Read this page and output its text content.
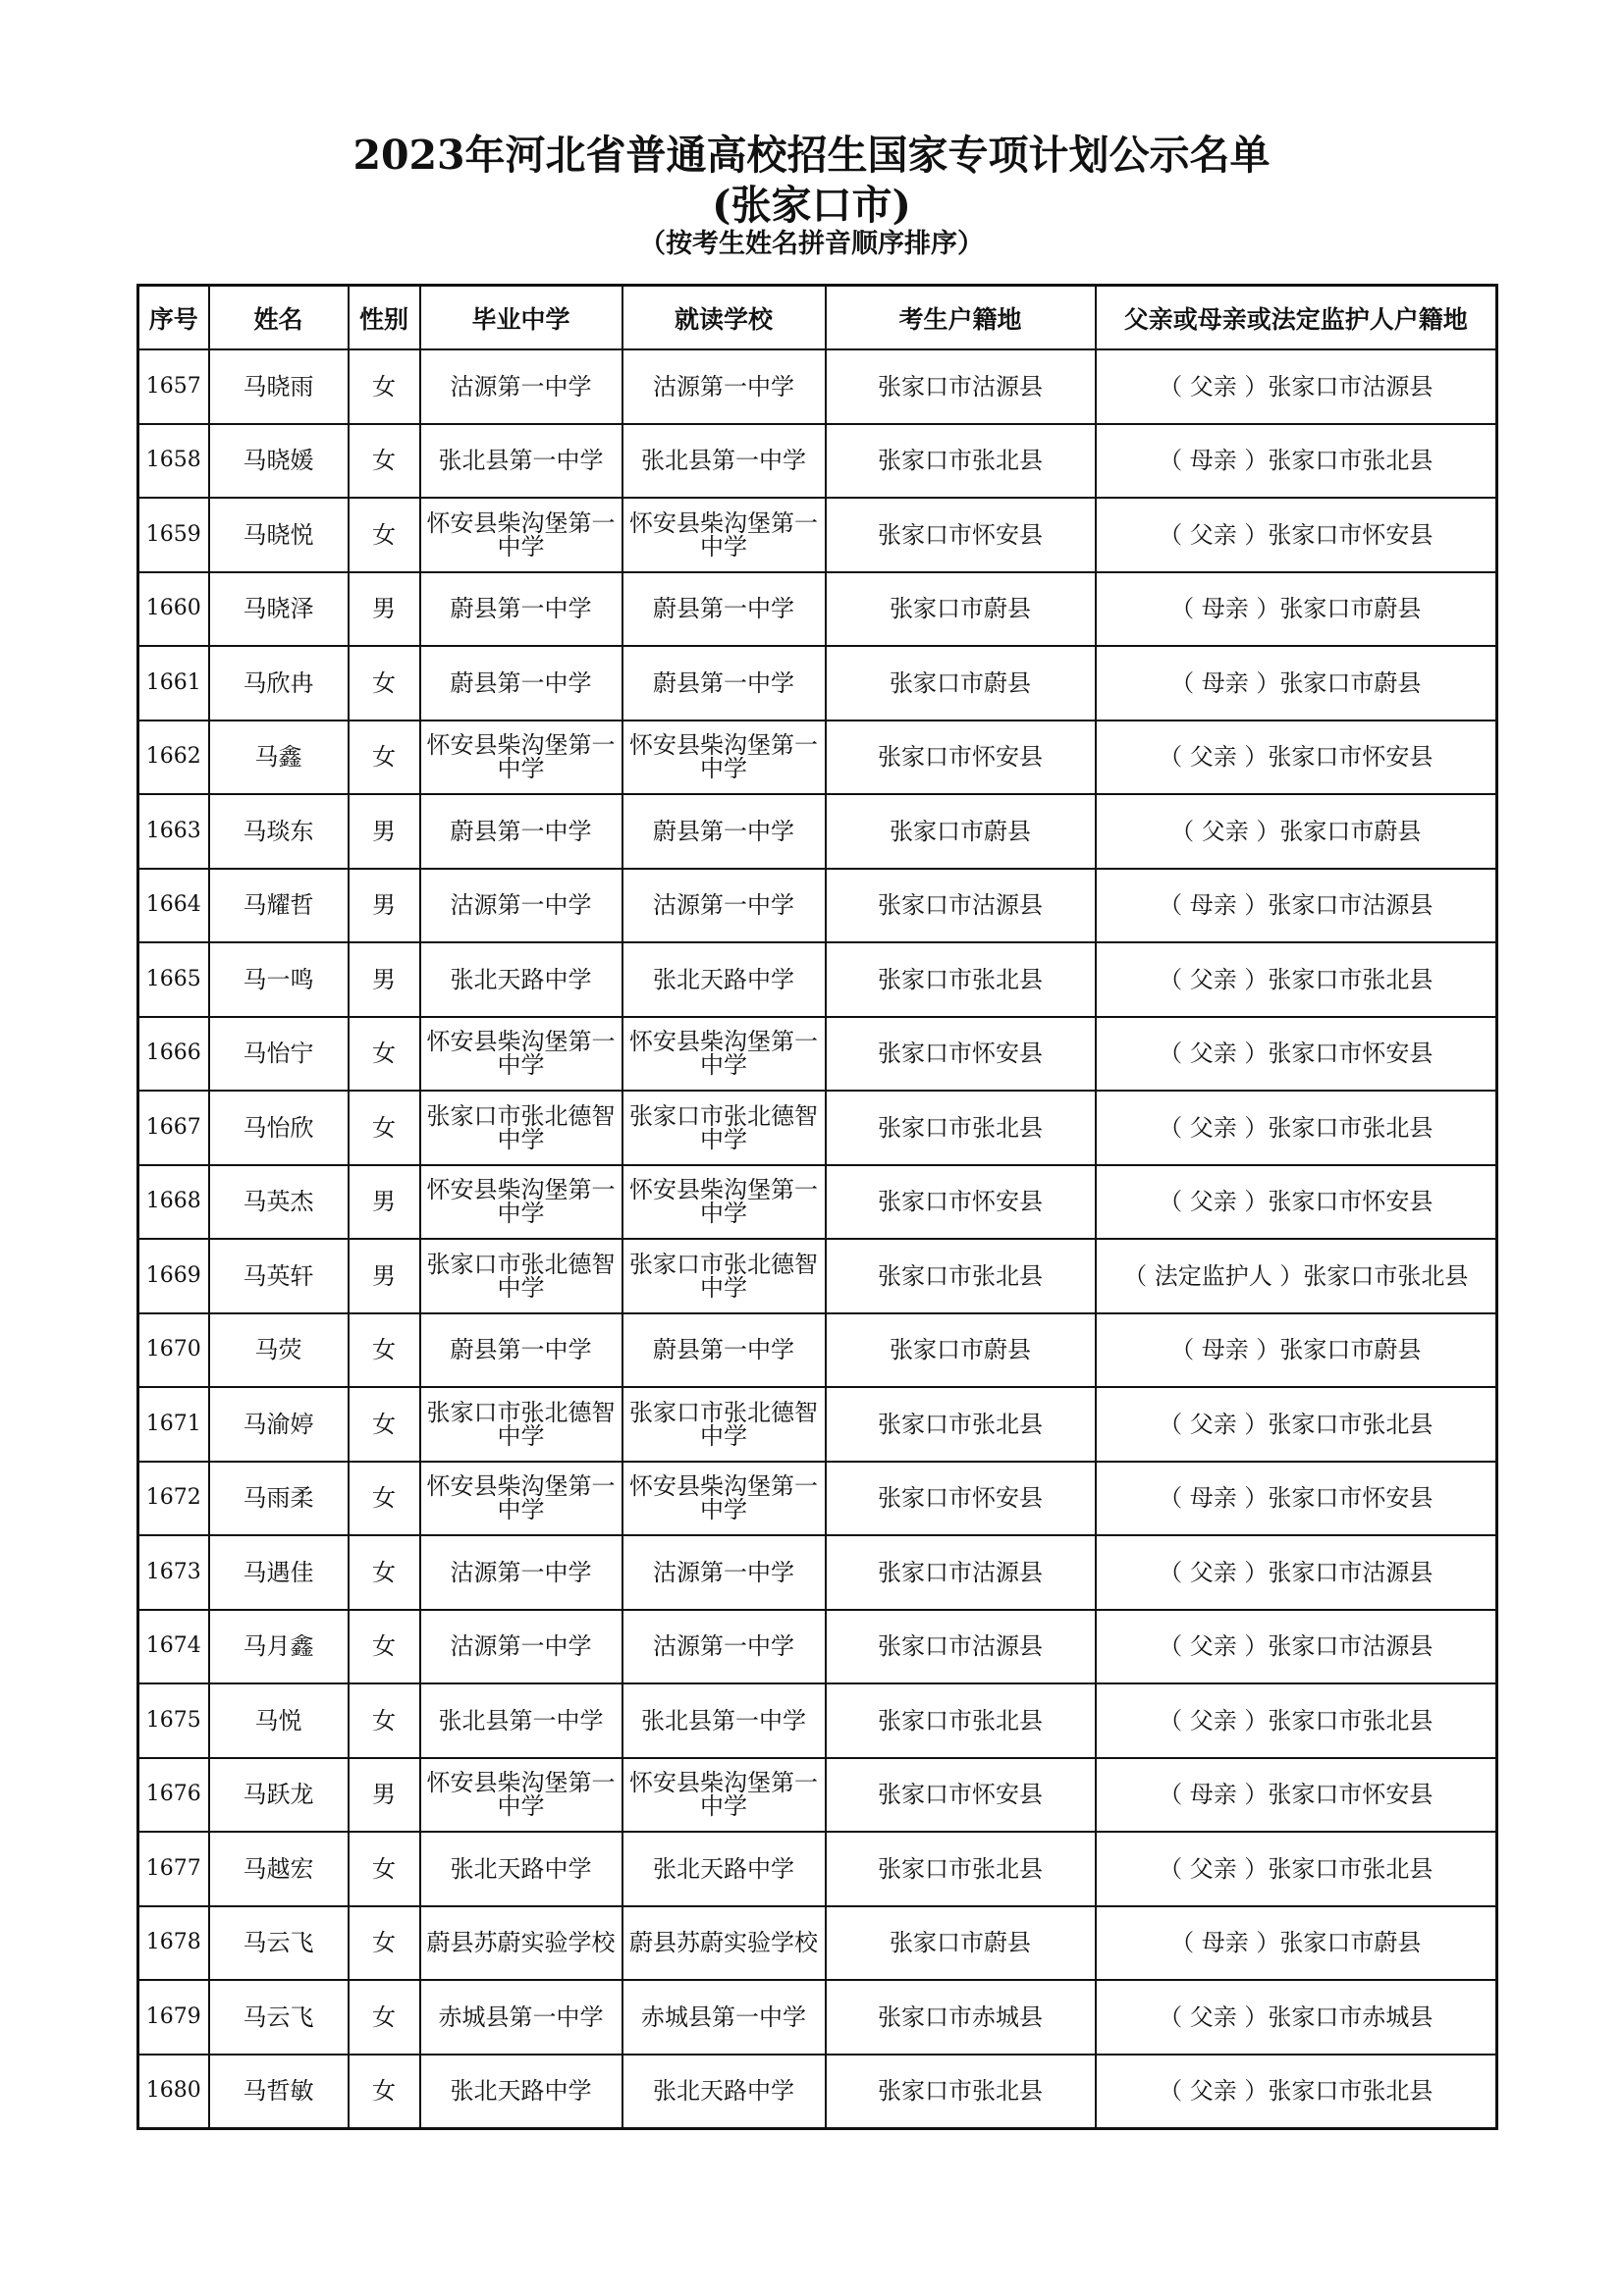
2023年河北省普通高校招生国家专项计划公示名单
(张家口市)
（按考生姓名拼音顺序排序）
序号	姓名	性别	毕业中学	就读学校	考生户籍地	父亲或母亲或法定监护人户籍地
1657	马晓雨	女	沽源第一中学	沽源第一中学	张家口市沽源县	（ 父亲 ）张家口市沽源县
1658	马晓媛	女	张北县第一中学	张北县第一中学	张家口市张北县	（ 母亲 ）张家口市张北县
1659	马晓悦	女	怀安县柴沟堡第一中学	怀安县柴沟堡第一中学	张家口市怀安县	（ 父亲 ）张家口市怀安县
1660	马晓泽	男	蔚县第一中学	蔚县第一中学	张家口市蔚县	（ 母亲 ）张家口市蔚县
1661	马欣冉	女	蔚县第一中学	蔚县第一中学	张家口市蔚县	（ 母亲 ）张家口市蔚县
1662	马鑫	女	怀安县柴沟堡第一中学	怀安县柴沟堡第一中学	张家口市怀安县	（ 父亲 ）张家口市怀安县
1663	马琰东	男	蔚县第一中学	蔚县第一中学	张家口市蔚县	（ 父亲 ）张家口市蔚县
1664	马耀哲	男	沽源第一中学	沽源第一中学	张家口市沽源县	（ 母亲 ）张家口市沽源县
1665	马一鸣	男	张北天路中学	张北天路中学	张家口市张北县	（ 父亲 ）张家口市张北县
1666	马怡宁	女	怀安县柴沟堡第一中学	怀安县柴沟堡第一中学	张家口市怀安县	（ 父亲 ）张家口市怀安县
1667	马怡欣	女	张家口市张北德智中学	张家口市张北德智中学	张家口市张北县	（ 父亲 ）张家口市张北县
1668	马英杰	男	怀安县柴沟堡第一中学	怀安县柴沟堡第一中学	张家口市怀安县	（ 父亲 ）张家口市怀安县
1669	马英轩	男	张家口市张北德智中学	张家口市张北德智中学	张家口市张北县	（ 法定监护人 ）张家口市张北县
1670	马荧	女	蔚县第一中学	蔚县第一中学	张家口市蔚县	（ 母亲 ）张家口市蔚县
1671	马渝婷	女	张家口市张北德智中学	张家口市张北德智中学	张家口市张北县	（ 父亲 ）张家口市张北县
1672	马雨柔	女	怀安县柴沟堡第一中学	怀安县柴沟堡第一中学	张家口市怀安县	（ 母亲 ）张家口市怀安县
1673	马遇佳	女	沽源第一中学	沽源第一中学	张家口市沽源县	（ 父亲 ）张家口市沽源县
1674	马月鑫	女	沽源第一中学	沽源第一中学	张家口市沽源县	（ 父亲 ）张家口市沽源县
1675	马悦	女	张北县第一中学	张北县第一中学	张家口市张北县	（ 父亲 ）张家口市张北县
1676	马跃龙	男	怀安县柴沟堡第一中学	怀安县柴沟堡第一中学	张家口市怀安县	（ 母亲 ）张家口市怀安县
1677	马越宏	女	张北天路中学	张北天路中学	张家口市张北县	（ 父亲 ）张家口市张北县
1678	马云飞	女	蔚县苏蔚实验学校	蔚县苏蔚实验学校	张家口市蔚县	（ 母亲 ）张家口市蔚县
1679	马云飞	女	赤城县第一中学	赤城县第一中学	张家口市赤城县	（ 父亲 ）张家口市赤城县
1680	马哲敏	女	张北天路中学	张北天路中学	张家口市张北县	（ 父亲 ）张家口市张北县
